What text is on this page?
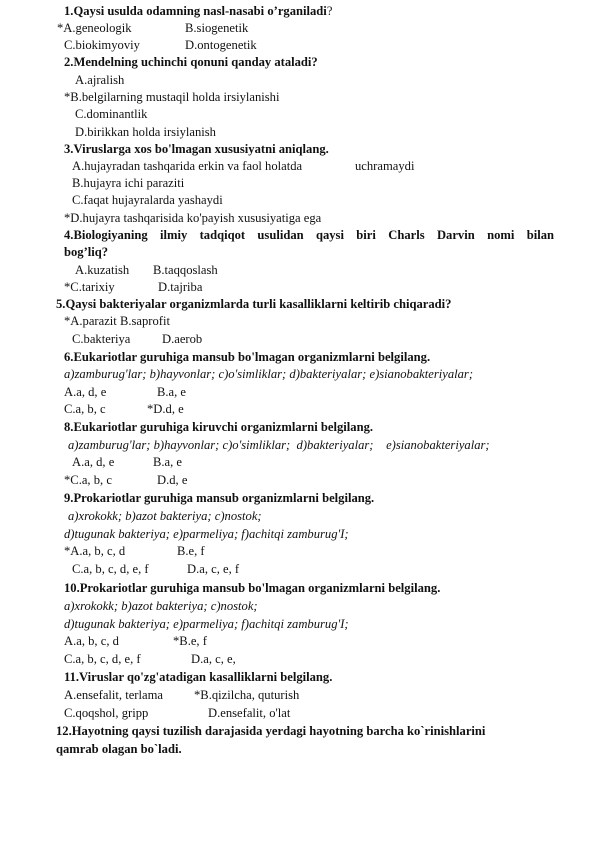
1.Qaysi usulda odamning nasl-nasabi o’rganiladi?
*A.geneologik	B.siogenetik
C.biokimyoviy	D.ontogenetik
2.Mendelning uchinchi qonuni qanday ataladi?
A.ajralish
*B.belgilarning mustaqil holda irsiylanishi
C.dominantlik
D.birikkan holda irsiylanish
3.Viruslarga xos bo'lmagan xususiyatni aniqlang.
A.hujayradan tashqarida erkin va faol holatda	uchramaydi
B.hujayra ichi paraziti
C.faqat hujayralarda yashaydi
*D.hujayra tashqarisida ko'payish xususiyatiga ega
4.Biologiyaning ilmiy tadqiqot usulidan qaysi biri Charls Darvin nomi bilan
bog’liq?
A.kuzatish B.taqqoslash
*C.tarixiy	D.tajriba
5.Qaysi bakteriyalar organizmlarda turli kasalliklarni keltirib chiqaradi?
*A.parazit B.saprofit
C.bakteriya	D.aerob
6.Eukariotlar guruhiga mansub bo'lmagan organizmlarni belgilang.
a)zamburug'lar; b)hayvonlar; c)o'simliklar; d)bakteriyalar; e)sianobakteriyalar;
A.a, d, e	B.a, e
C.a, b, c	*D.d, e
8.Eukariotlar guruhiga kiruvchi organizmlarni belgilang.
a)zamburug'lar; b)hayvonlar; c)o'simliklar;  d)bakteriyalar;    e)sianobakteriyalar;
A.a, d, e	B.a, e
*C.a, b, c	D.d, e
9.Prokariotlar guruhiga mansub organizmlarni belgilang.
a)xrokokk; b)azot bakteriya; c)nostok;
d)tugunak bakteriya; e)parmeliya; f)achitqi zamburug'I;
*A.a, b, c, d	B.e, f
C.a, b, c, d, e, f	D.a, c, e, f
10.Prokariotlar guruhiga mansub bo'lmagan organizmlarni belgilang.
a)xrokokk; b)azot bakteriya; c)nostok;
d)tugunak bakteriya; e)parmeliya; f)achitqi zamburug'I;
A.a, b, c, d	*B.e, f
C.a, b, c, d, e, f	D.a, c, e,
11.Viruslar qo'zg'atadigan kasalliklarni belgilang.
A.ensefalit, terlama *B.qizilcha, quturish
C.qoqshol, gripp	D.ensefalit, o'lat
12.Hayotning qaysi tuzilish darajasida yerdagi hayotning barcha ko`rinishlarini
qamrab olagan bo`ladi.
